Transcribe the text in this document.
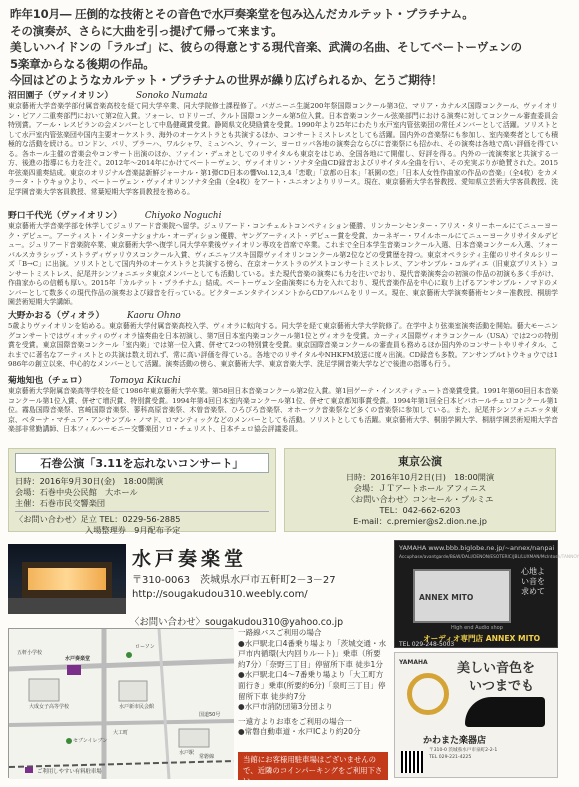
昨年10月― 圧倒的な技術とその音色で水戸奏楽堂を包み込んだカルテット・プラチナム。

その演奏が、さらに大曲を引っ提げて帰って来ます。

美しいハイドンの「ラルゴ」に、彼らの得意とする現代音楽、武満の名曲、そしてベートーヴェンの

5楽章からなる後期の作品。

今回はどのようなカルテット・プラチナムの世界が繰り広げられるか、乞うご期待！

沼田園子（ヴァイオリン）	Sonoko Numata
東京藝術大学音楽学部付属音楽高校を経て同大学卒業、同大学院修士課程修了。パガニーニ生誕200年祭国際コンクール第3位、マリア・カナルス国際コンクール、ヴァイオリン・ピアノ二重奏部門において第2位入賞。フォーレ、ロドリーゴ、クルト国際コンクール第5位入賞。日本音楽コンクール弦楽部門における演奏に対してコンクール審査委員会特別賞。アール・レスピランの会メンバーとして中島健蔵賞受賞。静岡県文化奨励賞を受賞。1990年より25年にわたり水戸室内管弦楽団の常任メンバーとして活躍。ソリストとして水戸室内管弦楽団や国内主要オーケストラ、海外のオーケストラとも共演するほか、コンサートミストレスとしても活躍。国内外の音楽祭にも参加し、室内楽奏者としても積極的な活動を続ける。ロンドン、パリ、ブラーハ、ワルシャワ、ミュンヘン、ウィーン、ヨーロッパ各地の演奏会ならびに音楽祭にも招かれ、その演奏は各地で高い評価を得ている。各ホール主催の音楽会やコンサート出演のほか、ファイン・デュオとしてのリサイタルも東京をはじめ、全国各地にて開催し、好評を得る。内外の一流演奏家と共演する一方、後進の指導にも力を注ぐ。2012年〜2014年にかけてベートーヴェン、ヴァイオリン・ソナタ全曲CD録音およびリサイタル全曲を行い、その充実ぶりが絶賛された。2015年弦楽四重奏結成。東京のオリジナル音楽誌新鮮ジャーナル・第1弾CD日本の響Vol.12,3,4「恋歌」「京都の日本」「祇園の恋」「日本人女性作曲家の作品の音楽」（全4枚）をカメラータ・トウキョウより、ベートーヴェン・ヴァイオリンソナタ全曲（全4枚）をアート・ユニオンよりリリース。現在、東京藝術大学名誉教授、愛知県立芸術大学客員教授、洗足学園音楽大学客員教授、常葉短期大学客員教授を務める。
野口千代光（ヴァイオリン）	Chiyoko Noguchi
東京藝術大学音楽学部を休学してジュリアード音楽院へ留学。ジュリアード・コンチェルトコンペティション優勝、リンカーンセンター・アリス・タリーホールにてニューヨーク・デビュー。アーティスト・インターナショナル・オーディション優勝、ヤングアーティスト・デビュー賞を受賞、カーネギー・ワイルホールにてニューヨークリサイタルデビュー。ジュリアード音楽院卒業、東京藝術大学へ復学し同大学卒業後ヴァイオリン専攻を首席で卒業。これまで全日本学生音楽コンクール入選、日本音楽コンクール入選、フォーバルスカラシップ・ストラディヴァリウスコンクール入賞、ヴィエニャフスキ国際ヴァイオリンコンクール第2位などの受賞歴を持つ。東京オペラシティ主催のリサイタルシリーズ「B→C」に出演。ソリストとして国内外のオーケストラと共演する傍ら、在京オーケストラのゲストコンサートミストレス、アンサンブル・コルディエ（旧東京ブリスト）コンサートミストレス、紀尾井シンフォニエッタ東京メンバーとしても活動している。また現代音楽の演奏にも力を注いでおり、現代音楽演奏会の初演の作品の初演も多く手がけ、作曲家からの信頼も厚い。2015年「カルテット・プラチナム」結成。ペートーヴェン全曲演奏にも力を入れており、現代音楽作品を中心に取り上げるアンサンブル・ノマドのメンバーとして数多くの現代作品の演奏および録音を行っている。ビクターエンタテインメントからCDアルバムをリリース。現在、東京藝術大学演奏藝術センター准教授、桐朋学園芸術短期大学講師。
大野かおる（ヴィオラ）	Kaoru Ohno
5歳よりヴァイオリンを始める。東京藝術大学付属音楽高校入学、ヴィオラに転向する。同大学を経て東京藝術大学大学院修了。在学中より弦楽室演奏活動を開始。藝大モーニングコンサートではヴィオッティのヴィオラ協奏曲を日本初演し、第7回日本室内楽コンクール第1位とヴィオラを受賞。カーティス国際ヴィオラコンクール（USA）では2つの特別賞を受賞。東京国際音楽コンクール「室内楽」では第一位入賞、併せて2つの特別賞を受賞。東京国際音楽コンクールの審査員も務めるほか国内外のコンサートやリサイタル、これまでに著名なアーティストとの共演は数え切れず、常に高い評価を得ている。各地でのリサイタルやNHKFM放送に度々出演。CD録音も多数。アンサンブルtトウキョウでは1986年の創立以来、中心的なメンバーとして活躍。演奏活動の傍ら、東京藝術大学、東京音楽大学、洗足学園音楽大学などで後進の指導も行う。
菊地知也（チェロ）	Tomoya Kikuchi
東京藝術大学附属音楽高等学校を経て1986年東京藝術大学卒業。第58回日本音楽コンクール第2位入賞。第1回ゲーテ・インスティテュート音楽賞受賞。1991年第60回日本音楽コンクール第1位入賞、併せて增沢賞、特別賞受賞。1994年第4回日本室内楽コンクール第1位、併せて東京都知事賞受賞。1994年第1回全日本ビバホールチェロコンクール第1位。霧島国際音楽祭、宮崎国際音楽祭、蓼科高原音楽祭、木曽音楽祭、ひろびろ音楽祭、オホーツク音楽祭など多くの音楽祭に参加している。また、紀尾井シンフォニエッタ東京、ベターナ・マチュア・アンサンブル・ノマド、ロマンティックなどのメンバーとしても活動。ソリストとしても活躍。東京藝術大学、桐朋学園大学、桐朋学園芸術短期大学音楽部非常勤講師、日本フィルハーモニー交響楽団ソロ・チェリスト、日本チェロ協会評議委員。
石巻公演「3.11を忘れないコンサート」
日時：2016年9月30日(金)　18:00開演
会場：石巻中央公民館　大ホール
主催：石巻市民交響楽団
〈お問い合わせ〉足立 TEL：0229-56-2885
入場整理券　9月配布予定
東京公演
日時：2016年10月2日(日)　18:00開演
会場：ＪＴアートホール アフィニス
〈お問い合わせ〉コンセール・プルミエ
TEL：042-662-6203
E-mail：c.premier@s2.dion.ne.jp
水戸奏楽堂
〒310-0063　茨城県水戸市五軒町2－3－27
http://sougakudou310.weebly.com/
〈お問い合わせ〉sougakudou310@yahoo.co.jp
水戸奏楽堂
大成女子高等学校
五軒小学校
水戸新市民会館
ローソン
セブンイレブン
常磐線
水戸駅
国道50号
大工町
ご利用しやすい有料駐車場
一路線バスご利用の場合
●水戸駅北口4番乗り場より「茨城交通・水戸市内循環(大内回りルート)」乗車（所要約7分）「奈野三丁目」停留所下車 徒歩1分
●水戸駅北口4〜7番乗り場より「大工町方面行き」乗車(所要約6分)「泉町三丁目」停留所下車 徒歩約7分
●水戸市消防団第3分団より
一遠方よりお車をご利用の場合一
●常磐自動車道・水戸ICより約20分
当館にお客様用駐車場はございませんので、近隣のコインパーキングをご利用下さい。
YAMAHA www.bbb.biglobe.ne.jp/~annex/nanpai
Accuphase/avantgarde/B&W/DALI/DENON/ESOTERIC/JBL/LUXMAN/McIntosh/TANNOY
ANNEX MITO
心地よい音を求めて
High end Audio shop
オーディオ専門店 ANNEX MITO
TEL 029-248-5003
YAMAHA 美しい音色を
いつまでも
かわまた楽器店
〒310-0 茨城県水戸市泉町2-2-1
TEL 029-221-4225
